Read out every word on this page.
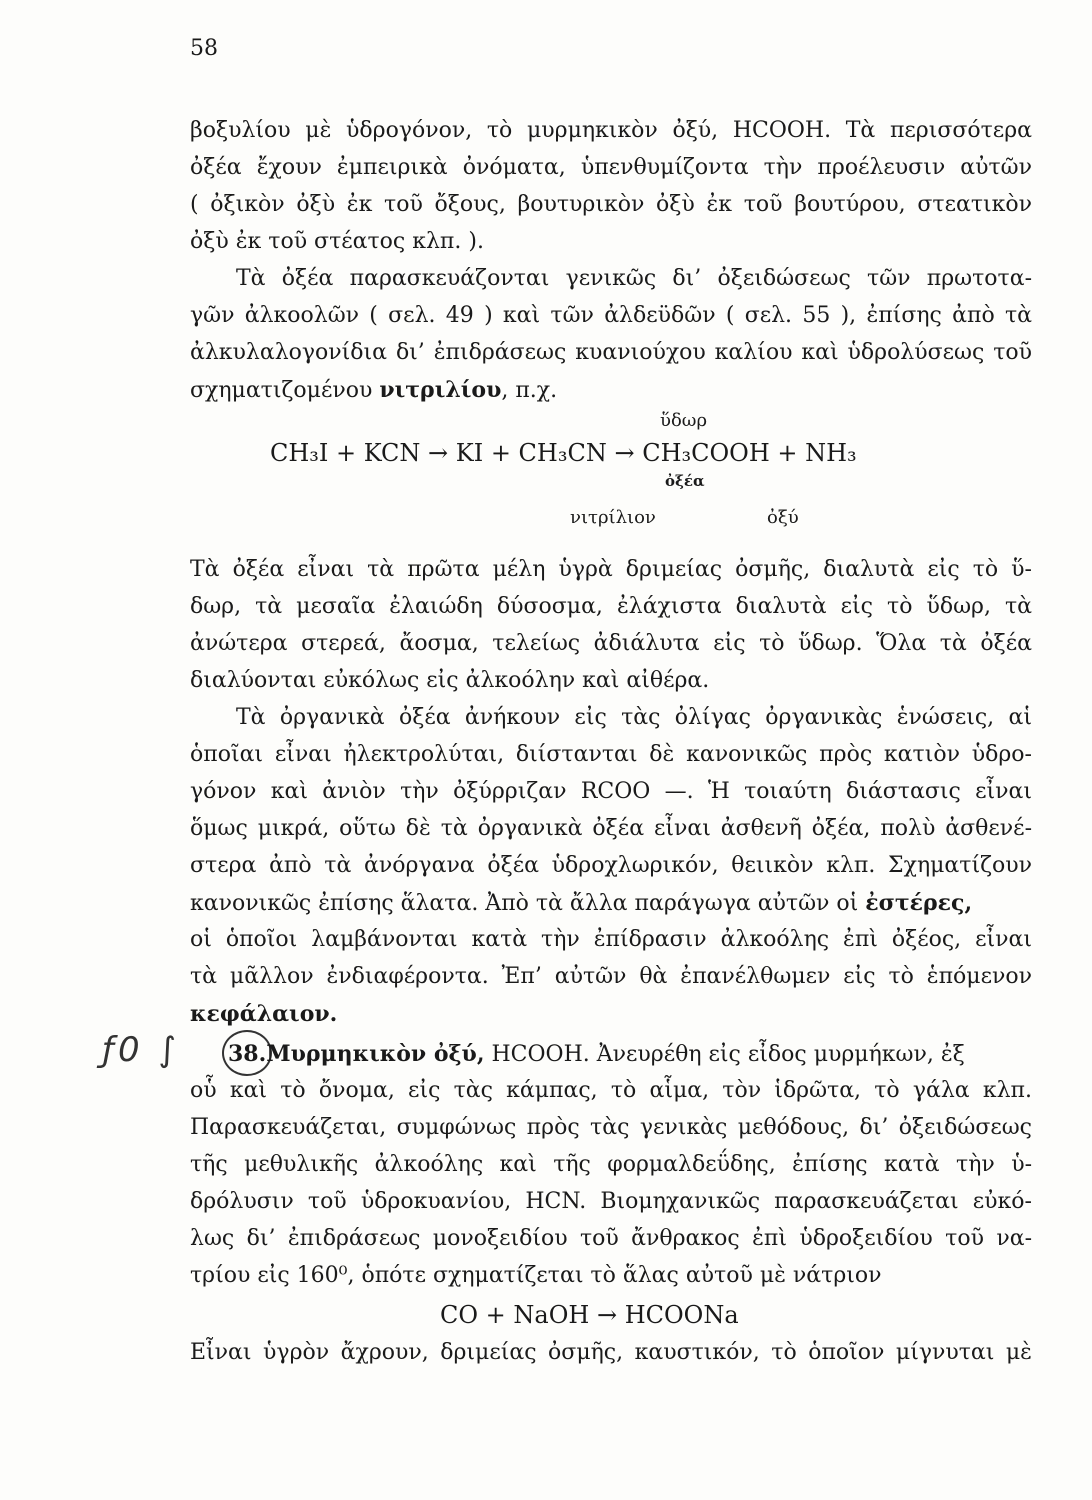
58
βοξυλίου μὲ ὑδρογόνον, τὸ μυρμηκικὸν ὀξύ, HCOOH. Τὰ περισσότερα
ὀξέα ἔχουν ἐμπειρικὰ ὀνόματα, ὑπενθυμίζοντα τὴν προέλευσιν αὐτῶν
( ὀξικὸν ὀξὺ ἐκ τοῦ ὄξους, βουτυρικὸν ὀξὺ ἐκ τοῦ βουτύρου, στεατικὸν
ὀξὺ ἐκ τοῦ στέατος κλπ. ).
Τὰ ὀξέα παρασκευάζονται γενικῶς δι’ ὀξειδώσεως τῶν πρωτοτα-
γῶν ἀλκοολῶν ( σελ. 49 ) καὶ τῶν ἀλδεϋδῶν ( σελ. 55 ), ἐπίσης ἀπὸ τὰ
ἀλκυλαλογονίδια δι’ ἐπιδράσεως κυανιούχου καλίου καὶ ὑδρολύσεως τοῦ
σχηματιζομένου νιτριλίου, π.χ.
ὕδωρ
CH₃I + KCN → KI + CH₃CN → CH₃COOH + NH₃
ὀξέα
νιτρίλιον	ὀξύ
Τὰ ὀξέα εἶναι τὰ πρῶτα μέλη ὑγρὰ δριμείας ὀσμῆς, διαλυτὰ εἰς τὸ ὕ-
δωρ, τὰ μεσαῖα ἐλαιώδη δύσοσμα, ἐλάχιστα διαλυτὰ εἰς τὸ ὕδωρ, τὰ
ἀνώτερα στερεά, ἄοσμα, τελείως ἀδιάλυτα εἰς τὸ ὕδωρ. Ὅλα τὰ ὀξέα
διαλύονται εὐκόλως εἰς ἀλκοόλην καὶ αἰθέρα.
Τὰ ὀργανικὰ ὀξέα ἀνήκουν εἰς τὰς ὀλίγας ὀργανικὰς ἑνώσεις, αἱ
ὁποῖαι εἶναι ἠλεκτρολύται, διίστανται δὲ κανονικῶς πρὸς κατιὸν ὑδρο-
γόνον καὶ ἀνιὸν τὴν ὀξύρριζαν RCOO —. Ἡ τοιαύτη διάστασις εἶναι
ὅμως μικρά, οὕτω δὲ τὰ ὀργανικὰ ὀξέα εἶναι ἀσθενῆ ὀξέα, πολὺ ἀσθενέ-
στερα ἀπὸ τὰ ἀνόργανα ὀξέα ὑδροχλωρικόν, θειικὸν κλπ. Σχηματίζουν
κανονικῶς ἐπίσης ἅλατα. Ἀπὸ τὰ ἄλλα παράγωγα αὐτῶν οἱ ἐστέρες,
οἱ ὁποῖοι λαμβάνονται κατὰ τὴν ἐπίδρασιν ἀλκοόλης ἐπὶ ὀξέος, εἶναι
τὰ μᾶλλον ἐνδιαφέροντα. Ἐπ’ αὐτῶν θὰ ἐπανέλθωμεν εἰς τὸ ἑπόμενον
κεφάλαιον.
ƒ0 ∫ 38.Μυρμηκικὸν ὀξύ, HCOOH. Ἀνευρέθη εἰς εἶδος μυρμήκων, ἐξ
οὗ καὶ τὸ ὄνομα, εἰς τὰς κάμπας, τὸ αἷμα, τὸν ἱδρῶτα, τὸ γάλα κλπ.
Παρασκευάζεται, συμφώνως πρὸς τὰς γενικὰς μεθόδους, δι’ ὀξειδώσεως
τῆς μεθυλικῆς ἀλκοόλης καὶ τῆς φορμαλδεΰδης, ἐπίσης κατὰ τὴν ὑ-
δρόλυσιν τοῦ ὑδροκυανίου, HCN. Βιομηχανικῶς παρασκευάζεται εὐκό-
λως δι’ ἐπιδράσεως μονοξειδίου τοῦ ἄνθρακος ἐπὶ ὑδροξειδίου τοῦ να-
τρίου εἰς 160⁰, ὁπότε σχηματίζεται τὸ ἅλας αὐτοῦ μὲ νάτριον
CO + NaOH → HCOONa
Εἶναι ὑγρὸν ἄχρουν, δριμείας ὀσμῆς, καυστικόν, τὸ ὁποῖον μίγνυται μὲ
